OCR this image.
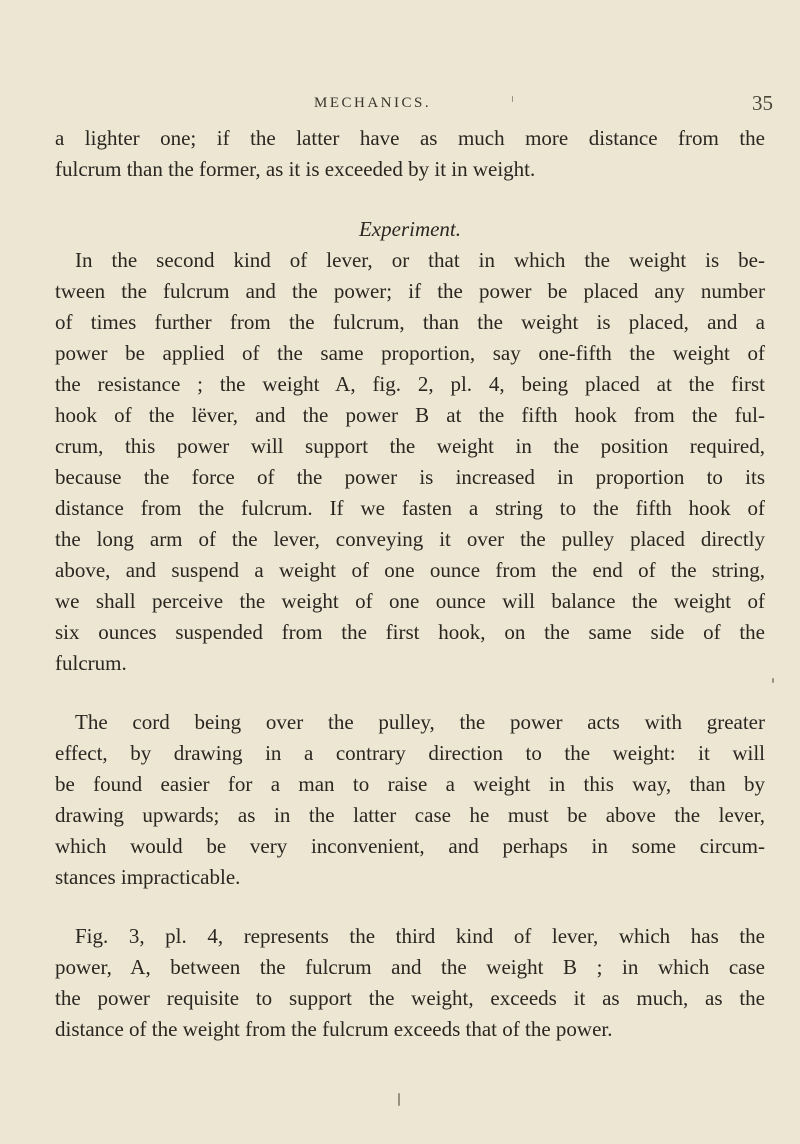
MECHANICS.	35
a lighter one; if the latter have as much more distance from the
fulcrum than the former, as it is exceeded by it in weight.
Experiment.
In the second kind of lever, or that in which the weight is be-
tween the fulcrum and the power; if the power be placed any number
of times further from the fulcrum, than the weight is placed, and a
power be applied of the same proportion, say one-fifth the weight of
the resistance ; the weight A, fig. 2, pl. 4, being placed at the first
hook of the lëver, and the power B at the fifth hook from the ful-
crum, this power will support the weight in the position required,
because the force of the power is increased in proportion to its
distance from the fulcrum. If we fasten a string to the fifth hook of
the long arm of the lever, conveying it over the pulley placed directly
above, and suspend a weight of one ounce from the end of the string,
we shall perceive the weight of one ounce will balance the weight of
six ounces suspended from the first hook, on the same side of the
fulcrum.
The cord being over the pulley, the power acts with greater
effect, by drawing in a contrary direction to the weight: it will
be found easier for a man to raise a weight in this way, than by
drawing upwards; as in the latter case he must be above the lever,
which would be very inconvenient, and perhaps in some circum-
stances impracticable.
Fig. 3, pl. 4, represents the third kind of lever, which has the
power, A, between the fulcrum and the weight B ; in which case
the power requisite to support the weight, exceeds it as much, as the
distance of the weight from the fulcrum exceeds that of the power.
